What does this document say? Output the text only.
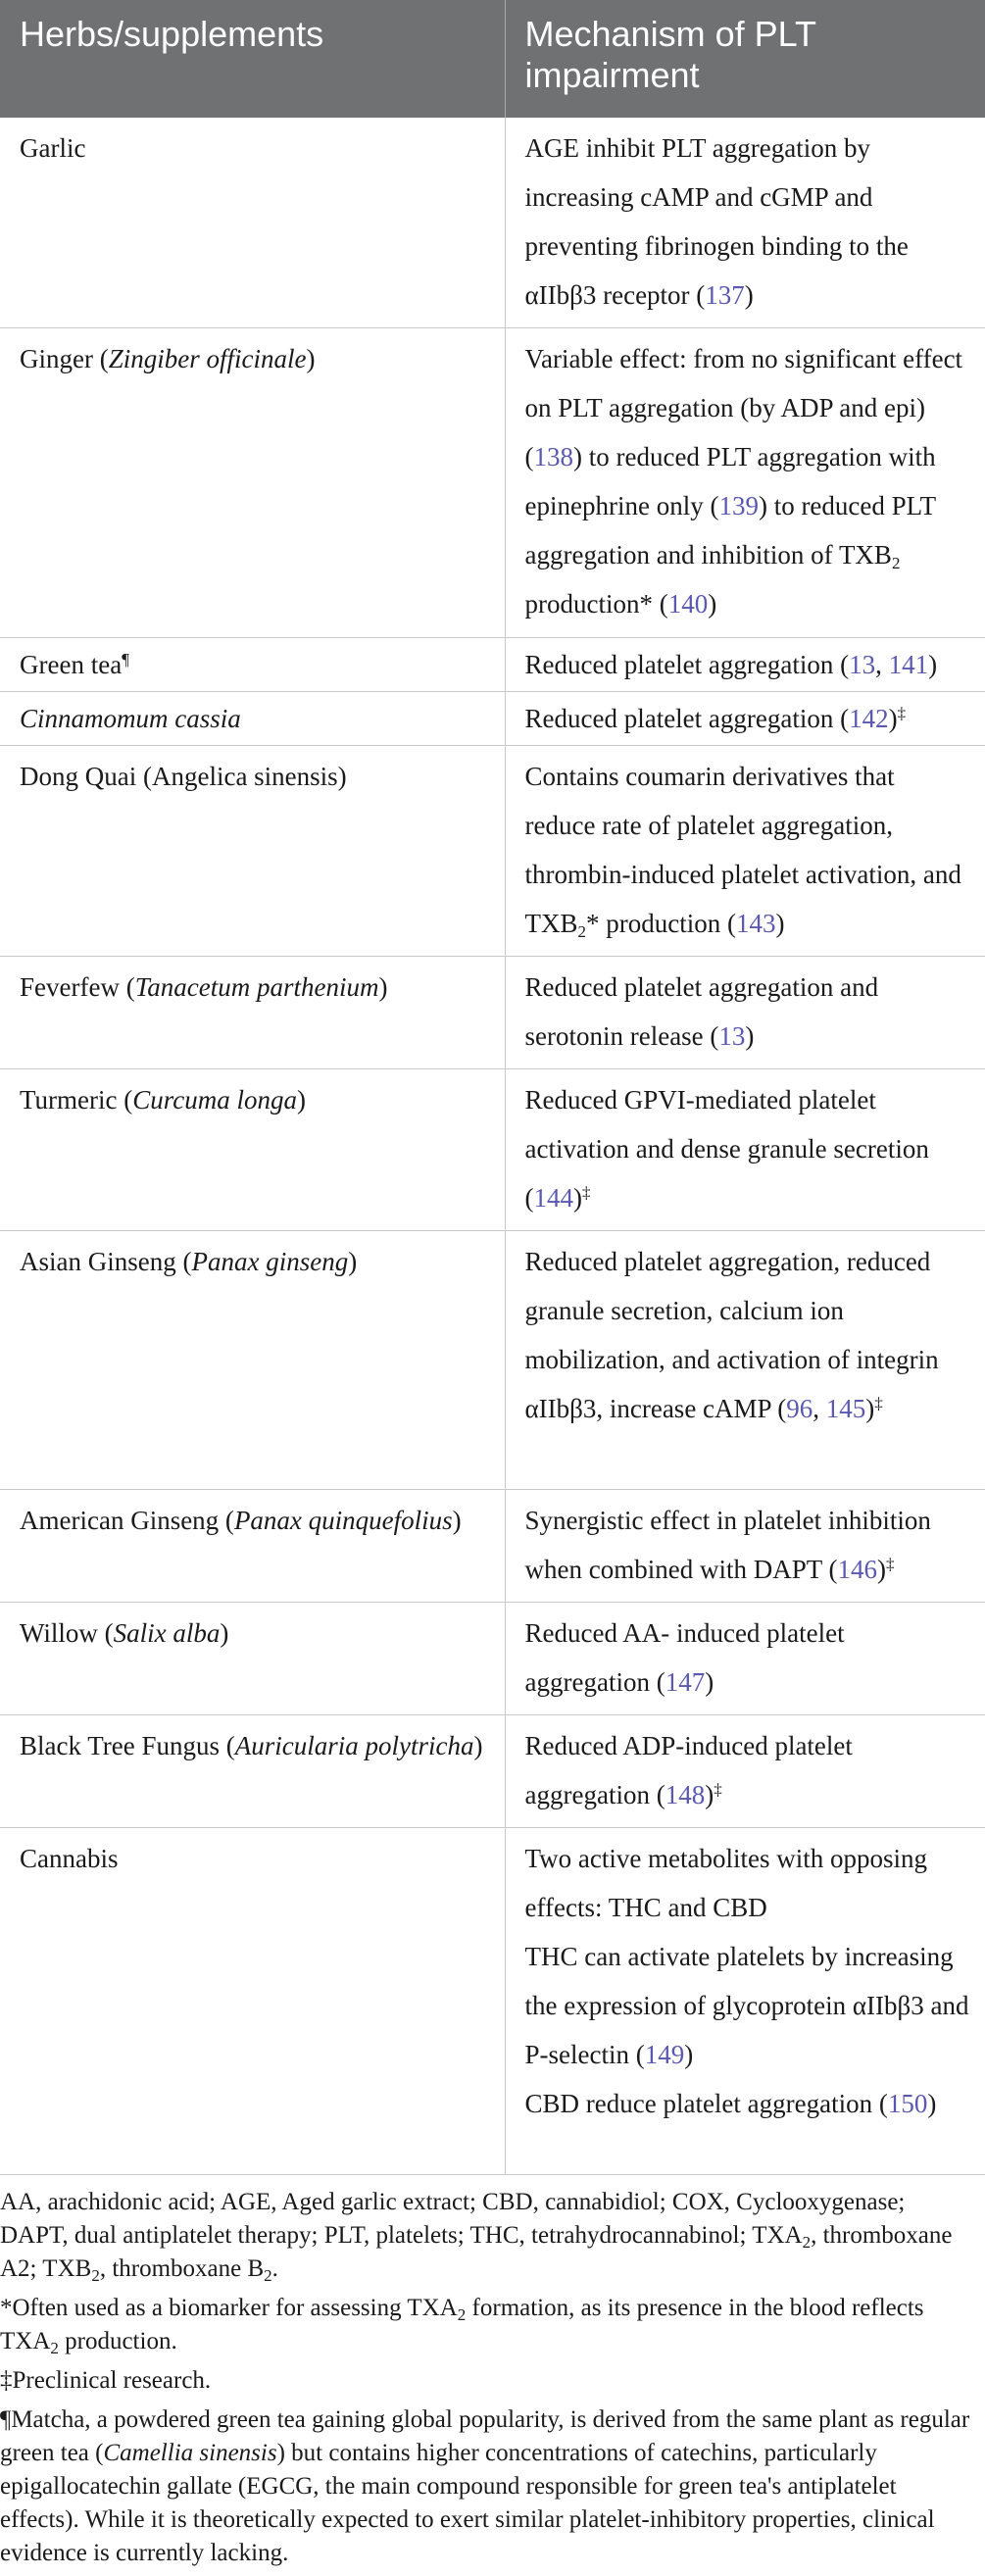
Herbs/supplements	Mechanism of PLT impairment
Garlic	AGE inhibit PLT aggregation by increasing cAMP and cGMP and preventing fibrinogen binding to the αIIbβ3 receptor (137)
Ginger (Zingiber officinale)	Variable effect: from no significant effect on PLT aggregation (by ADP and epi) (138) to reduced PLT aggregation with epinephrine only (139) to reduced PLT aggregation and inhibition of $TXB_2$ production* (140)
Green tea¶	Reduced platelet aggregation (13, 141)
Cinnamomum cassia	Reduced platelet aggregation (142)‡
Dong Quai (Angelica sinensis)	Contains coumarin derivatives that reduce rate of platelet aggregation, thrombin-induced platelet activation, and $TXB_2*$ production (143)
Feverfew (Tanacetum parthenium)	Reduced platelet aggregation and serotonin release (13)
Turmeric (Curcuma longa)	Reduced GPVI-mediated platelet activation and dense granule secretion (144)‡
Asian Ginseng (Panax ginseng)	Reduced platelet aggregation, reduced granule secretion, calcium ion mobilization, and activation of integrin αIIbβ3, increase cAMP (96, 145)‡
American Ginseng (Panax quinquefolius)	Synergistic effect in platelet inhibition when combined with DAPT (146)‡
Willow (Salix alba)	Reduced AA- induced platelet aggregation (147)
Black Tree Fungus (Auricularia polytricha)	Reduced ADP-induced platelet aggregation (148)‡
Cannabis	Two active metabolites with opposing effects: THC and CBD
THC can activate platelets by increasing the expression of glycoprotein αIIbβ3 and P-selectin (149)
CBD reduce platelet aggregation (150)

AA, arachidonic acid; AGE, Aged garlic extract; CBD, cannabidiol; COX, Cyclooxygenase; DAPT, dual antiplatelet therapy; PLT, platelets; THC, tetrahydrocannabinol; $TXA_2$, thromboxane A2; $TXB_2$, thromboxane $B_2$.

*Often used as a biomarker for assessing $TXA_2$ formation, as its presence in the blood reflects $TXA_2$ production.

‡Preclinical research.

¶Matcha, a powdered green tea gaining global popularity, is derived from the same plant as regular green tea (Camellia sinensis) but contains higher concentrations of catechins, particularly epigallocatechin gallate (EGCG, the main compound responsible for green tea's antiplatelet effects). While it is theoretically expected to exert similar platelet-inhibitory properties, clinical evidence is currently lacking.
